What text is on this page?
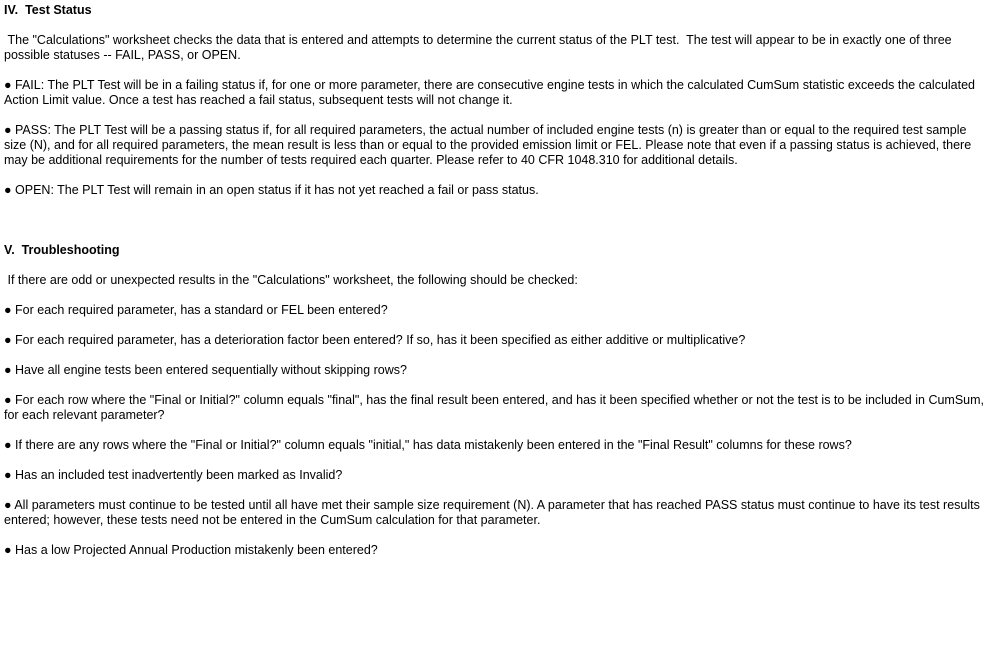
IV.  Test Status
The "Calculations" worksheet checks the data that is entered and attempts to determine the current status of the PLT test.  The test will appear to be in exactly one of three possible statuses -- FAIL, PASS, or OPEN.
● FAIL: The PLT Test will be in a failing status if, for one or more parameter, there are consecutive engine tests in which the calculated CumSum statistic exceeds the calculated Action Limit value. Once a test has reached a fail status, subsequent tests will not change it.
● PASS: The PLT Test will be a passing status if, for all required parameters, the actual number of included engine tests (n) is greater than or equal to the required test sample size (N), and for all required parameters, the mean result is less than or equal to the provided emission limit or FEL. Please note that even if a passing status is achieved, there may be additional requirements for the number of tests required each quarter. Please refer to 40 CFR 1048.310 for additional details.
● OPEN: The PLT Test will remain in an open status if it has not yet reached a fail or pass status.
V.  Troubleshooting
If there are odd or unexpected results in the "Calculations" worksheet, the following should be checked:
● For each required parameter, has a standard or FEL been entered?
● For each required parameter, has a deterioration factor been entered? If so, has it been specified as either additive or multiplicative?
● Have all engine tests been entered sequentially without skipping rows?
● For each row where the "Final or Initial?" column equals "final", has the final result been entered, and has it been specified whether or not the test is to be included in CumSum, for each relevant parameter?
● If there are any rows where the "Final or Initial?" column equals "initial," has data mistakenly been entered in the "Final Result" columns for these rows?
● Has an included test inadvertently been marked as Invalid?
● All parameters must continue to be tested until all have met their sample size requirement (N). A parameter that has reached PASS status must continue to have its test results entered; however, these tests need not be entered in the CumSum calculation for that parameter.
● Has a low Projected Annual Production mistakenly been entered?
